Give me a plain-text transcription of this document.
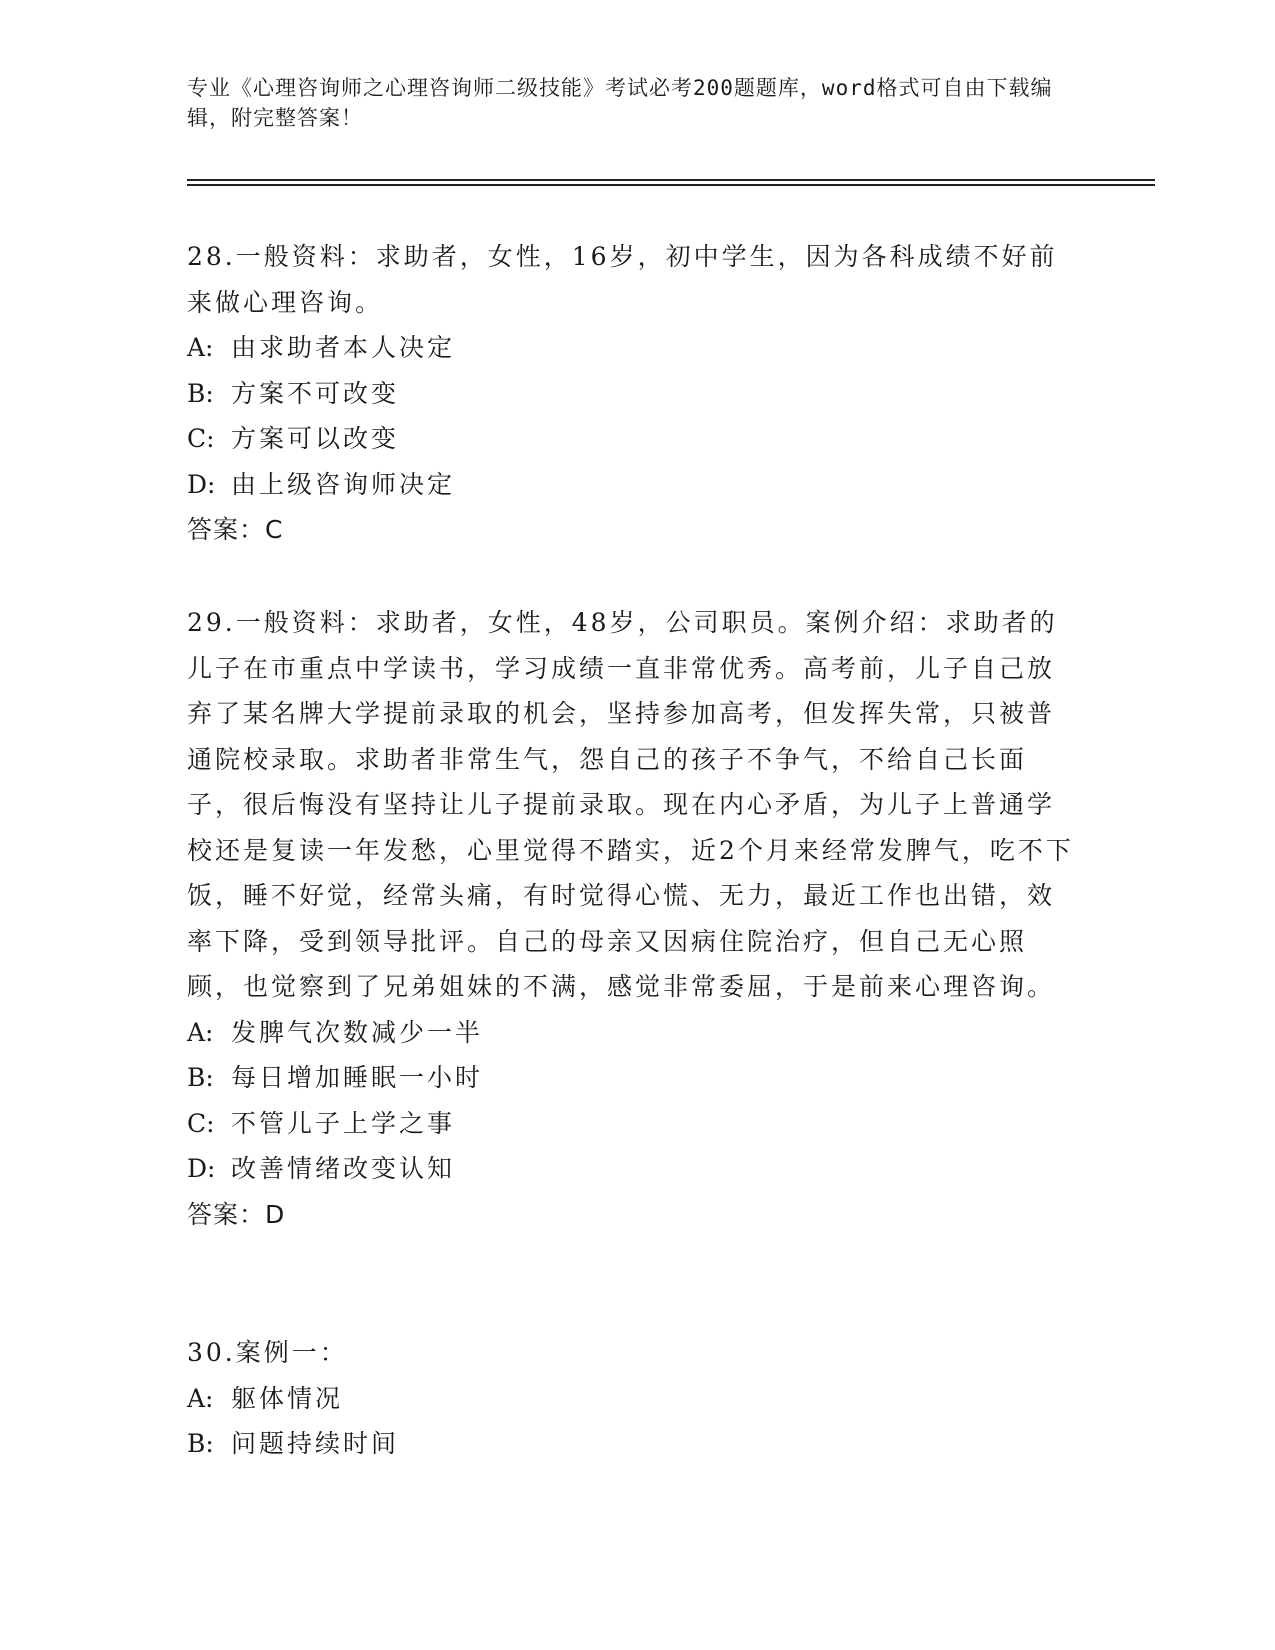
专业《心理咨询师之心理咨询师二级技能》考试必考200题题库，word格式可自由下载编辑，附完整答案！

28.一般资料：求助者，女性，16岁，初中学生，因为各科成绩不好前来做心理咨询。

A: 由求助者本人决定
B: 方案不可改变
C: 方案可以改变
D: 由上级咨询师决定
答案：C

29.一般资料：求助者，女性，48岁，公司职员。案例介绍：求助者的儿子在市重点中学读书，学习成绩一直非常优秀。高考前，儿子自己放弃了某名牌大学提前录取的机会，坚持参加高考，但发挥失常，只被普通院校录取。求助者非常生气，怨自己的孩子不争气，不给自己长面子，很后悔没有坚持让儿子提前录取。现在内心矛盾，为儿子上普通学校还是复读一年发愁，心里觉得不踏实，近2个月来经常发脾气，吃不下饭，睡不好觉，经常头痛，有时觉得心慌、无力，最近工作也出错，效率下降，受到领导批评。自己的母亲又因病住院治疗，但自己无心照顾，也觉察到了兄弟姐妹的不满，感觉非常委屈，于是前来心理咨询。

A: 发脾气次数减少一半
B: 每日增加睡眠一小时
C: 不管儿子上学之事
D: 改善情绪改变认知
答案：D

30.案例一：

A: 躯体情况
B: 问题持续时间
